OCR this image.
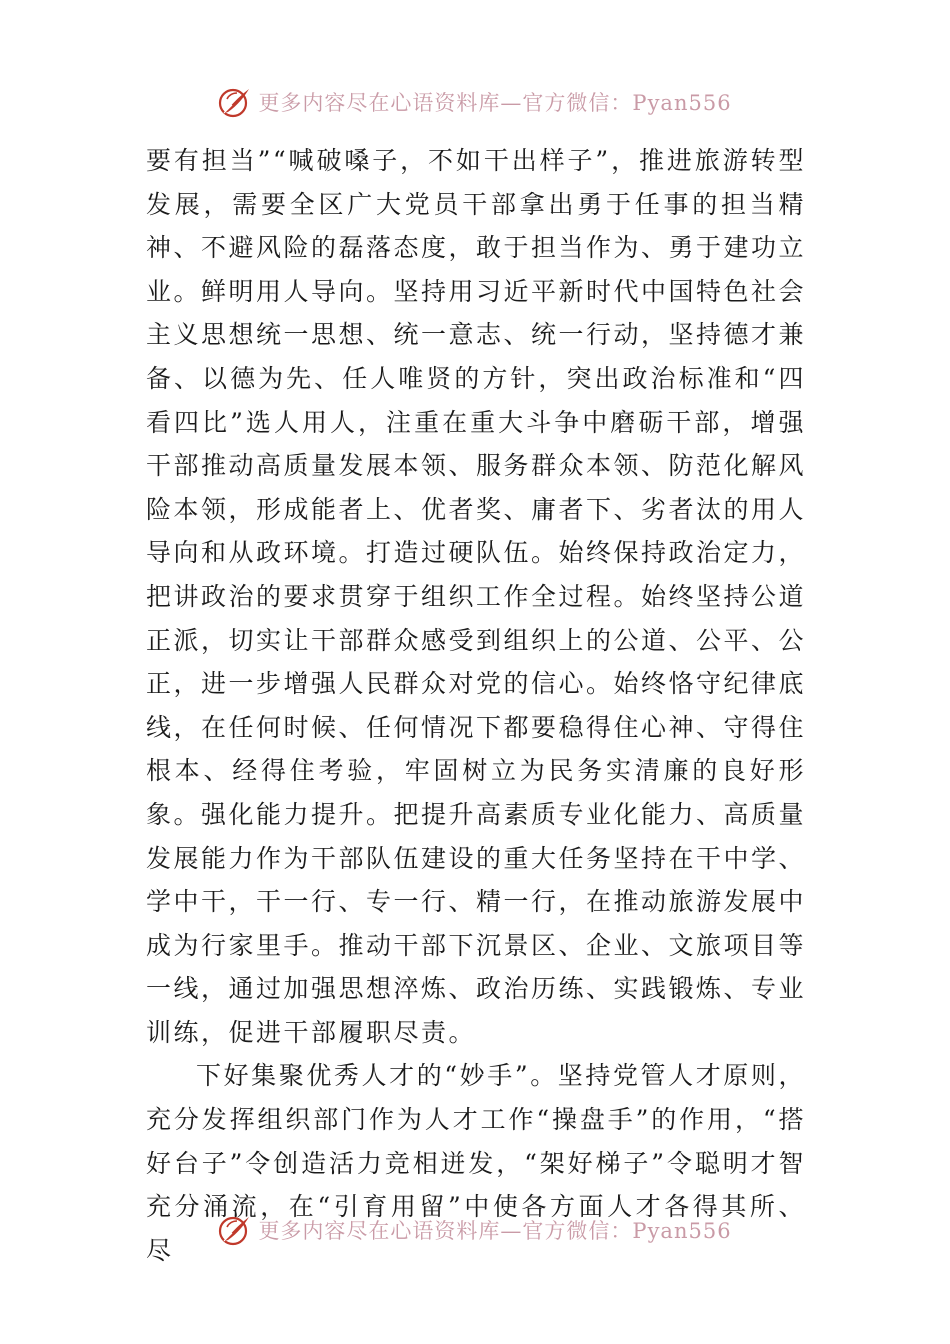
更多内容尽在心语资料库—官方微信：Pyan556

要有担当”“喊破嗓子，不如干出样子”，推进旅游转型发展，需要全区广大党员干部拿出勇于任事的担当精神、不避风险的磊落态度，敢于担当作为、勇于建功立业。鲜明用人导向。坚持用习近平新时代中国特色社会主义思想统一思想、统一意志、统一行动，坚持德才兼备、以德为先、任人唯贤的方针，突出政治标准和“四看四比”选人用人，注重在重大斗争中磨砺干部，增强干部推动高质量发展本领、服务群众本领、防范化解风险本领，形成能者上、优者奖、庸者下、劣者汰的用人导向和从政环境。打造过硬队伍。始终保持政治定力，把讲政治的要求贯穿于组织工作全过程。始终坚持公道正派，切实让干部群众感受到组织上的公道、公平、公正，进一步增强人民群众对党的信心。始终恪守纪律底线，在任何时候、任何情况下都要稳得住心神、守得住根本、经得住考验，牢固树立为民务实清廉的良好形象。强化能力提升。把提升高素质专业化能力、高质量发展能力作为干部队伍建设的重大任务坚持在干中学、学中干，干一行、专一行、精一行，在推动旅游发展中成为行家里手。推动干部下沉景区、企业、文旅项目等一线，通过加强思想淬炼、政治历练、实践锻炼、专业训练，促进干部履职尽责。

下好集聚优秀人才的“妙手”。坚持党管人才原则，充分发挥组织部门作为人才工作“操盘手”的作用，“搭好台子”令创造活力竞相迸发，“架好梯子”令聪明才智充分涌流，在“引育用留”中使各方面人才各得其所、尽

更多内容尽在心语资料库—官方微信：Pyan556
